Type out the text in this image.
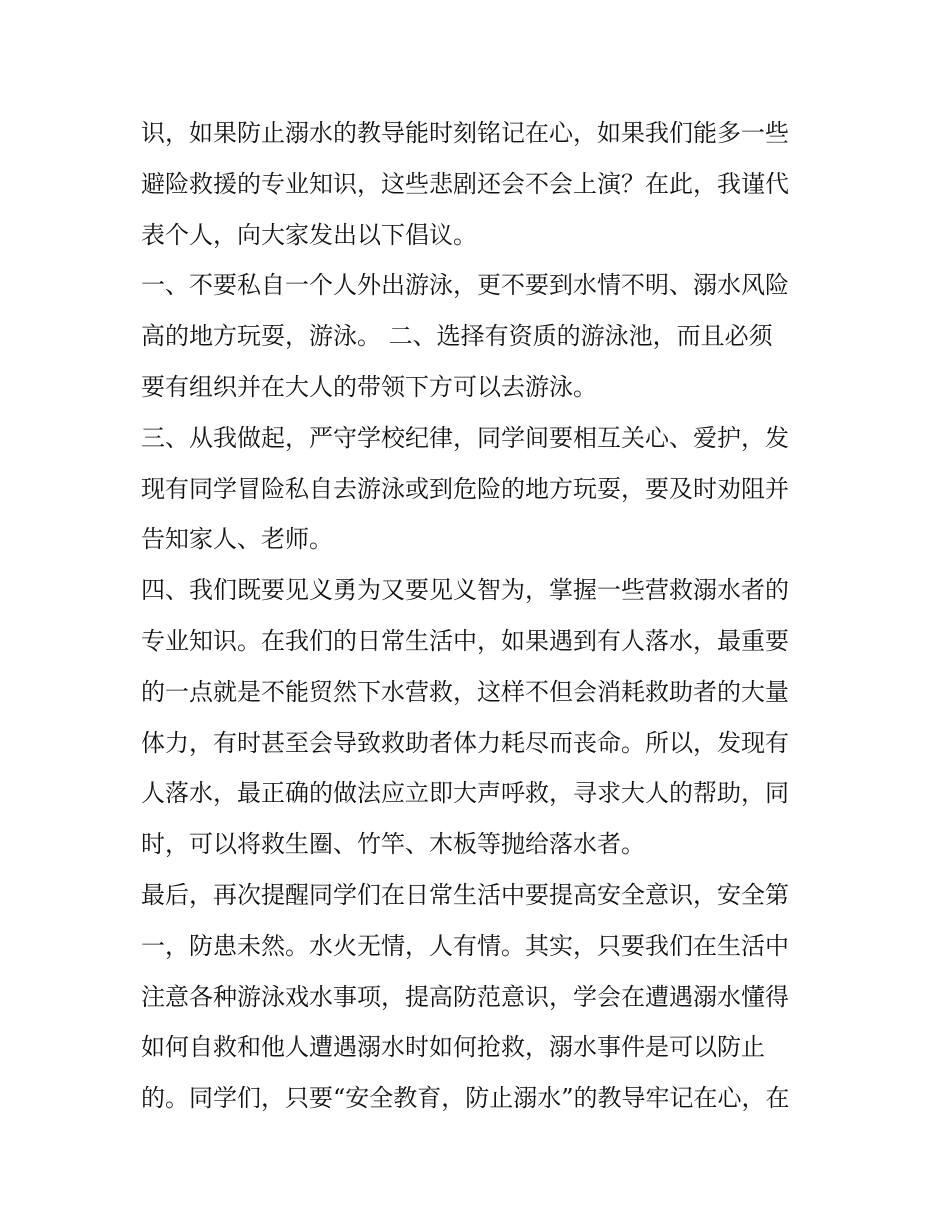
识，如果防止溺水的教导能时刻铭记在心，如果我们能多一些
避险救援的专业知识，这些悲剧还会不会上演？在此，我谨代
表个人，向大家发出以下倡议。
一、不要私自一个人外出游泳，更不要到水情不明、溺水风险
高的地方玩耍，游泳。 二、选择有资质的游泳池，而且必须
要有组织并在大人的带领下方可以去游泳。
三、从我做起，严守学校纪律，同学间要相互关心、爱护，发
现有同学冒险私自去游泳或到危险的地方玩耍，要及时劝阻并
告知家人、老师。
四、我们既要见义勇为又要见义智为，掌握一些营救溺水者的
专业知识。在我们的日常生活中，如果遇到有人落水，最重要
的一点就是不能贸然下水营救，这样不但会消耗救助者的大量
体力，有时甚至会导致救助者体力耗尽而丧命。所以，发现有
人落水，最正确的做法应立即大声呼救，寻求大人的帮助，同
时，可以将救生圈、竹竿、木板等抛给落水者。
最后，再次提醒同学们在日常生活中要提高安全意识，安全第
一，防患未然。水火无情，人有情。其实，只要我们在生活中
注意各种游泳戏水事项，提高防范意识，学会在遭遇溺水懂得
如何自救和他人遭遇溺水时如何抢救，溺水事件是可以防止
的。同学们，只要“安全教育，防止溺水”的教导牢记在心，在
